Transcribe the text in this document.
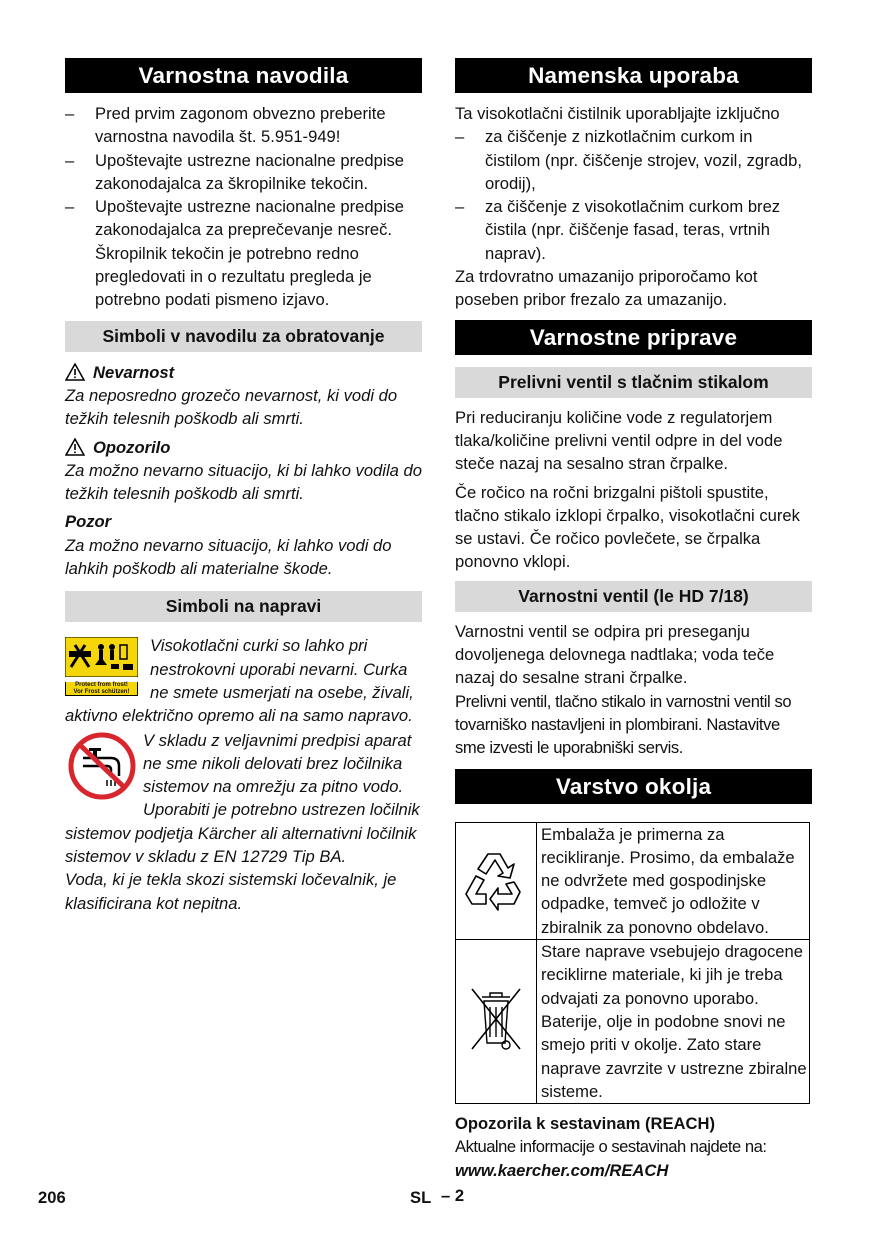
Varnostna navodila
– Pred prvim zagonom obvezno preberite varnostna navodila št. 5.951-949!
– Upoštevajte ustrezne nacionalne predpise zakonodajalca za škropilnike tekočin.
– Upoštevajte ustrezne nacionalne predpise zakonodajalca za preprečevanje nesreč. Škropilnik tekočin je potrebno redno pregledovati in o rezultatu pregleda je potrebno podati pismeno izjavo.
Simboli v navodilu za obratovanje
Nevarnost

Za neposredno grozečo nevarnost, ki vodi do težkih telesnih poškodb ali smrti.

Opozorilo

Za možno nevarno situacijo, ki bi lahko vodila do težkih telesnih poškodb ali smrti.

Pozor

Za možno nevarno situacijo, ki lahko vodi do lahkih poškodb ali materialne škode.

Simboli na napravi
Protect from frost!
Vor Frost schützen!

Visokotlačni curki so lahko pri nestrokovni uporabi nevarni. Curka ne smete usmerjati na osebe, živali, aktivno električno opremo ali na samo napravo.

V skladu z veljavnimi predpisi aparat ne sme nikoli delovati brez ločilnika sistemov na omrežju za pitno vodo. Uporabiti je potrebno ustrezen ločilnik sistemov podjetja Kärcher ali alternativni ločilnik sistemov v skladu z EN 12729 Tip BA.

Voda, ki je tekla skozi sistemski ločevalnik, je klasificirana kot nepitna.

Namenska uporaba

Ta visokotlačni čistilnik uporabljajte izključno

– za čiščenje z nizkotlačnim curkom in čistilom (npr. čiščenje strojev, vozil, zgradb, orodij),
– za čiščenje z visokotlačnim curkom brez čistila (npr. čiščenje fasad, teras, vrtnih naprav).

Za trdovratno umazanijo priporočamo kot poseben pribor frezalo za umazanijo.

Varnostne priprave
Prelivni ventil s tlačnim stikalom

Pri reduciranju količine vode z regulatorjem tlaka/količine prelivni ventil odpre in del vode steče nazaj na sesalno stran črpalke.

Če ročico na ročni brizgalni pištoli spustite, tlačno stikalo izklopi črpalko, visokotlačni curek se ustavi. Če ročico povlečete, se črpalka ponovno vklopi.

Varnostni ventil (le HD 7/18)

Varnostni ventil se odpira pri preseganju dovoljenega delovnega nadtlaka; voda teče nazaj do sesalne strani črpalke.

Prelivni ventil, tlačno stikalo in varnostni ventil so tovarniško nastavljeni in plombirani. Nastavitve sme izvesti le uporabniški servis.

Varstvo okolja
	Embalaža je primerna za recikliranje. Prosimo, da embalaže ne odvržete med gospodinjske odpadke, temveč jo odložite v zbiralnik za ponovno obdelavo.
	Stare naprave vsebujejo dragocene reciklirne materiale, ki jih je treba odvajati za ponovno uporabo. Baterije, olje in podobne snovi ne smejo priti v okolje. Zato stare naprave zavrzite v ustrezne zbiralne sisteme.

Opozorila k sestavinam (REACH)

Aktualne informacije o sestavinah najdete na:

www.kaercher.com/REACH

206	SL – 2
